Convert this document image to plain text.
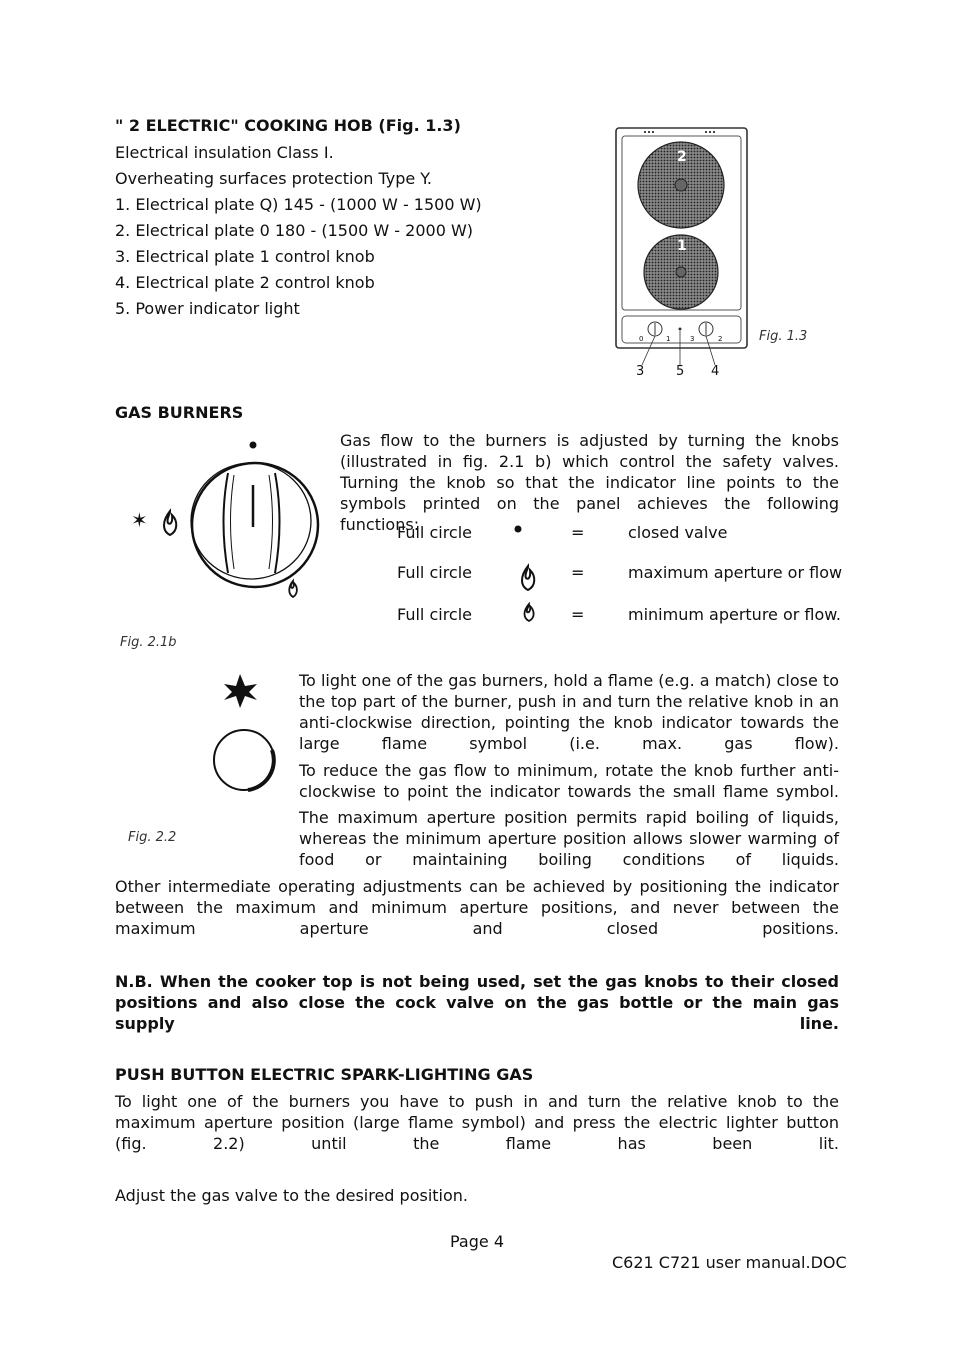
" 2 ELECTRIC" COOKING HOB (Fig. 1.3)
Electrical insulation Class I.
Overheating surfaces protection Type Y.
1. Electrical plate Q) 145 - (1000 W - 1500 W)
2. Electrical plate 0 180 - (1500 W - 2000 W)
3. Electrical plate 1 control knob
4. Electrical plate 2 control knob
5. Power indicator light
2
1
0	1	3	2
3 5 4
Fig. 1.3
GAS BURNERS
✶
Fig. 2.1b
Gas flow to the burners is adjusted by turning the knobs (illustrated in fig. 2.1 b) which control the safety valves. Turning the knob so that the indicator line points to the symbols printed on the panel achieves the following functions:
Full circle	=	closed valve
Full circle	=	maximum aperture or flow
Full circle	=	minimum aperture or flow.
Fig. 2.2
To light one of the gas burners, hold a flame (e.g. a match) close to the top part of the burner, push in and turn the relative knob in an anti-clockwise direction, pointing the knob indicator towards the large flame symbol (i.e. max. gas flow).
To reduce the gas flow to minimum, rotate the knob further anti-clockwise to point the indicator towards the small flame symbol.
The maximum aperture position permits rapid boiling of liquids, whereas the minimum aperture position allows slower warming of food or maintaining boiling conditions of liquids.
Other intermediate operating adjustments can be achieved by positioning the indicator between the maximum and minimum aperture positions, and never between the maximum aperture and closed positions.
N.B. When the cooker top is not being used, set the gas knobs to their closed positions and also close the cock valve on the gas bottle or the main gas supply line.
PUSH BUTTON ELECTRIC SPARK-LIGHTING GAS
To light one of the burners you have to push in and turn the relative knob to the maximum aperture position (large flame symbol) and press the electric lighter button (fig. 2.2) until the flame has been lit.
Adjust the gas valve to the desired position.
Page 4
C621 C721 user manual.DOC
